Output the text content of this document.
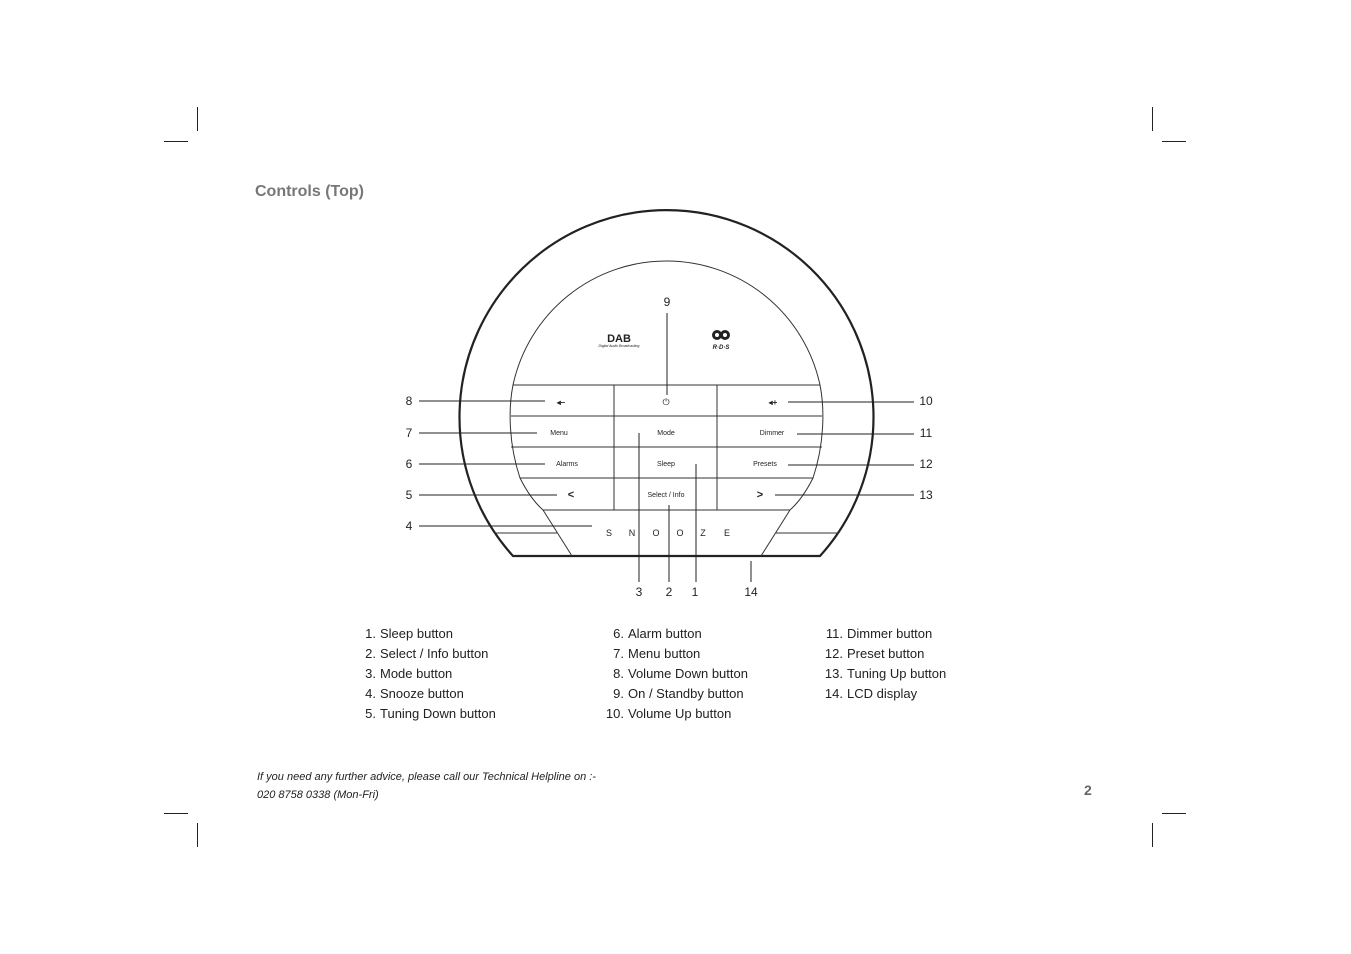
Controls (Top)
DAB
Digital Audio Broadcasting	R·D·S
◂–	⏻	◂+
Menu	Mode	Dimmer
Alarms	Sleep	Presets
<	Select / Info	>
S N O O Z E
9
8
7
6
5
4
10
11
12
13
3 2 1	14
1. Sleep button
2. Select / Info button
3. Mode button
4. Snooze button
5. Tuning Down button
6. Alarm button
7. Menu button
8. Volume Down button
9. On / Standby button
10. Volume Up button
11. Dimmer button
12. Preset button
13. Tuning Up button
14. LCD display
If you need any further advice, please call our Technical Helpline on :-
020 8758 0338 (Mon-Fri)	2
